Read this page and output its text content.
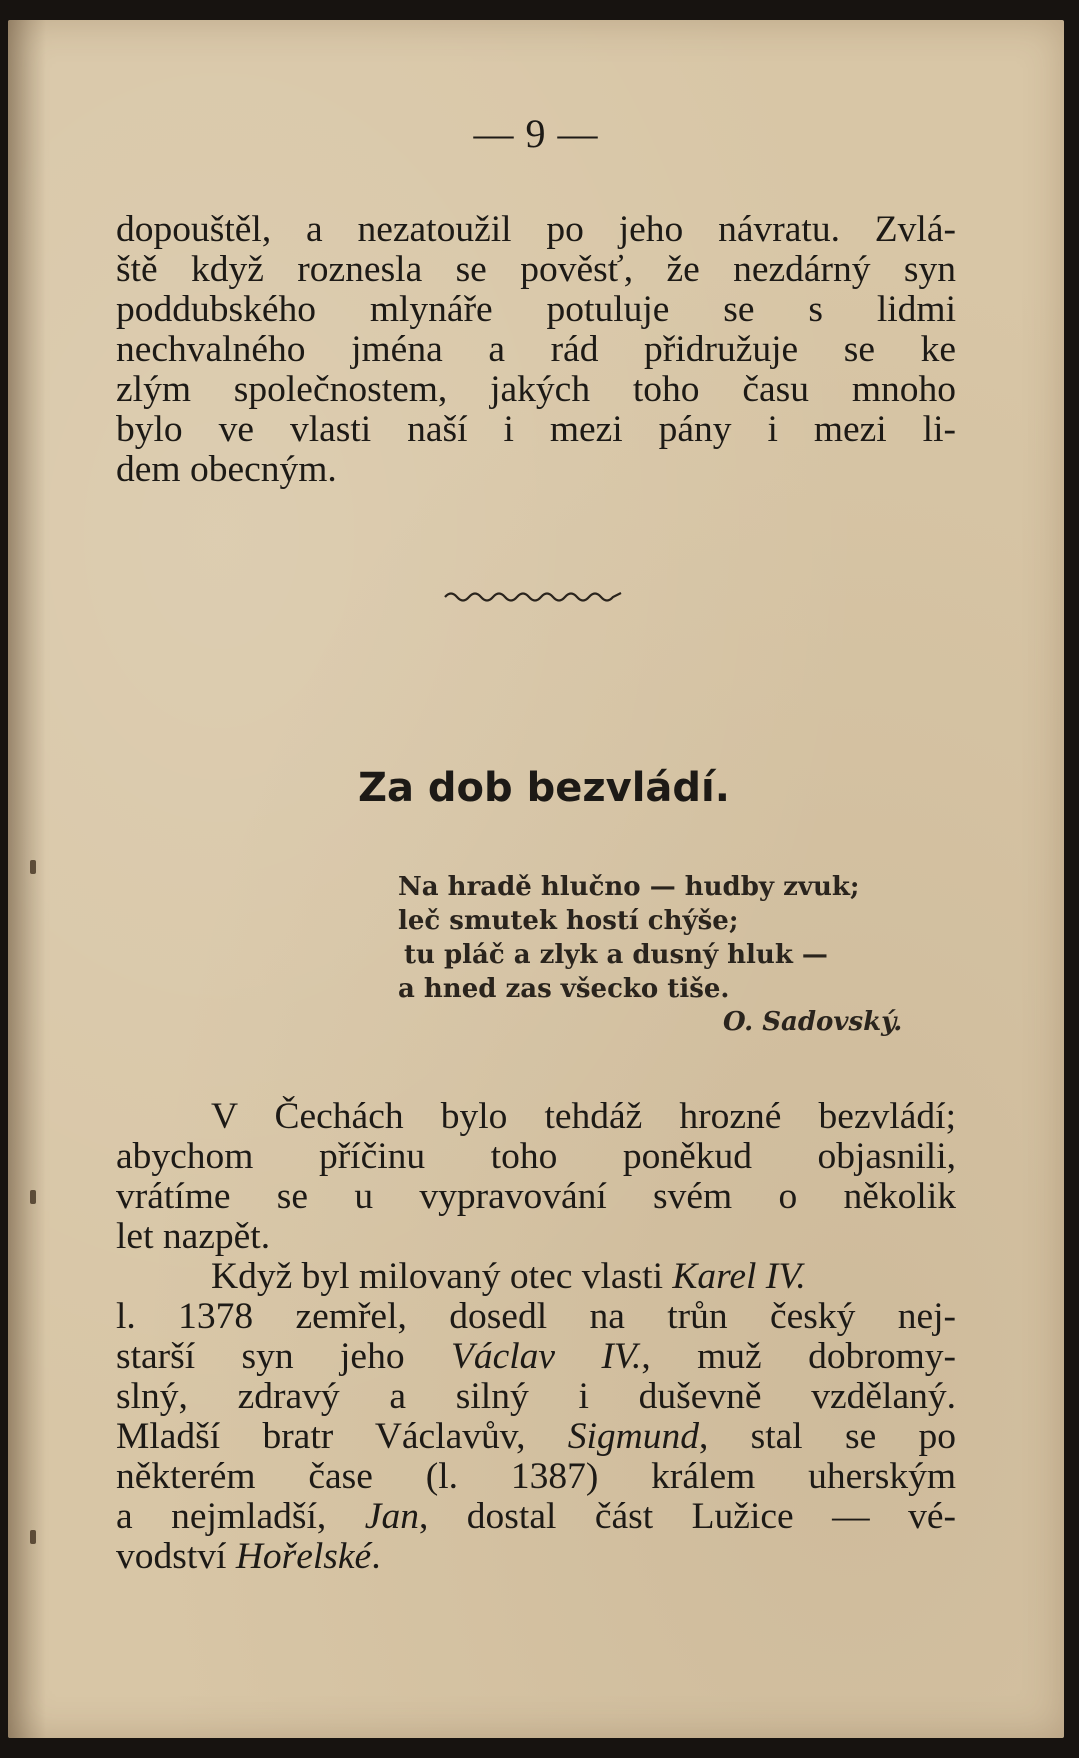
— 9 —
dopouštěl, a nezatoužil po jeho návratu. Zvlá-
ště když roznesla se pověsť, že nezdárný syn
poddubského mlynáře potuluje se s lidmi
nechvalného jména a rád přidružuje se ke
zlým společnostem, jakých toho času mnoho
bylo ve vlasti naší i mezi pány i mezi li-
dem obecným.
Za dob bezvládí.
Na hradě hlučno — hudby zvuk;
leč smutek hostí chýše;
tu pláč a zlyk a dusný hluk —
a hned zas všecko tiše.
O. Sadovský.
V Čechách bylo tehdáž hrozné bezvládí;
abychom příčinu toho poněkud objasnili,
vrátíme se u vypravování svém o několik
let nazpět.
Když byl milovaný otec vlasti Karel IV.
l. 1378 zemřel, dosedl na trůn český nej-
starší syn jeho Václav IV., muž dobromy-
slný, zdravý a silný i duševně vzdělaný.
Mladší bratr Václavův, Sigmund, stal se po
některém čase (l. 1387) králem uherským
a nejmladší, Jan, dostal část Lužice — vé-
vodství Hořelské.
